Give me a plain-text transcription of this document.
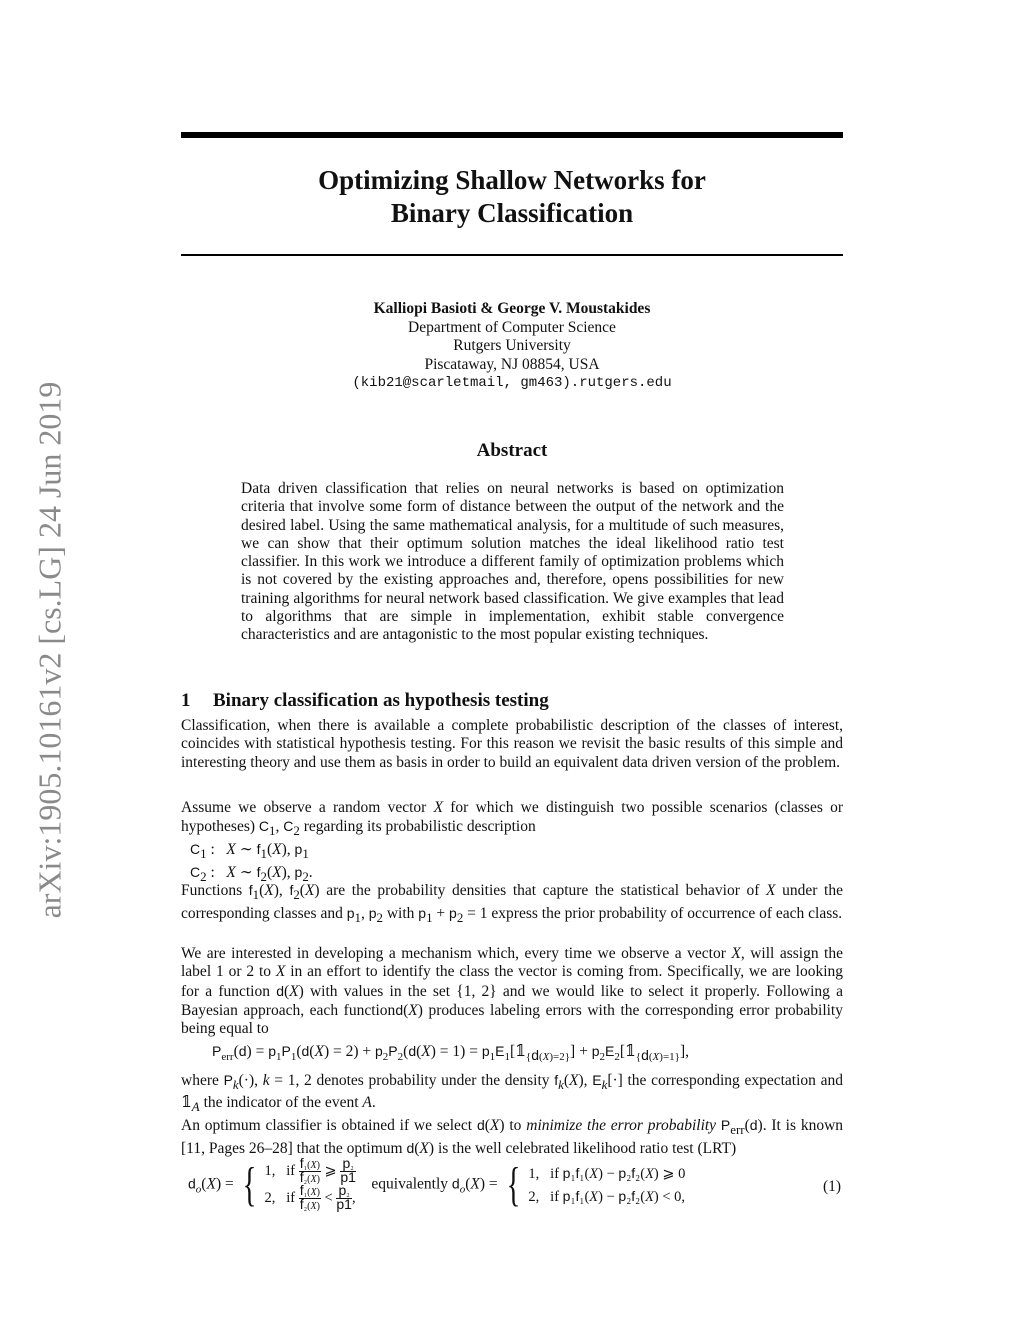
arXiv:1905.10161v2 [cs.LG] 24 Jun 2019
Optimizing Shallow Networks for
Binary Classification
Kalliopi Basioti & George V. Moustakides
Department of Computer Science
Rutgers University
Piscataway, NJ 08854, USA
(kib21@scarletmail, gm463).rutgers.edu
Abstract

Data driven classification that relies on neural networks is based on optimization criteria that involve some form of distance between the output of the network and the desired label. Using the same mathematical analysis, for a multitude of such measures, we can show that their optimum solution matches the ideal likelihood ratio test classifier. In this work we introduce a different family of optimization problems which is not covered by the existing approaches and, therefore, opens possibilities for new training algorithms for neural network based classification. We give examples that lead to algorithms that are simple in implementation, exhibit stable convergence characteristics and are antagonistic to the most popular existing techniques.

1 Binary classification as hypothesis testing

Classification, when there is available a complete probabilistic description of the classes of interest, coincides with statistical hypothesis testing. For this reason we revisit the basic results of this simple and interesting theory and use them as basis in order to build an equivalent data driven version of the problem.

Assume we observe a random vector X for which we distinguish two possible scenarios (classes or hypotheses) $C_1$, $C_2$ regarding its probabilistic description

$C_1$ :   X ∼ $f_1(X)$, $p_1$
$C_2$ :   X ∼ $f_2(X)$, $p_2$.

Functions $f_1(X)$, $f_2(X)$ are the probability densities that capture the statistical behavior of X under the corresponding classes and $p_1$, $p_2$ with $p_1 + p_2 = 1$ express the prior probability of occurrence of each class.

We are interested in developing a mechanism which, every time we observe a vector X, will assign the label 1 or 2 to X in an effort to identify the class the vector is coming from. Specifically, we are looking for a function d(X) with values in the set {1, 2} and we would like to select it properly. Following a Bayesian approach, each functiond(X) produces labeling errors with the corresponding error probability being equal to

$P_{err}(d) = p_1P_1(d(X) = 2) + p_2P_2(d(X) = 1)$ = $p_1E_1[𝟙_{\{d(X)=2\}}]$ + $p_2E_2[𝟙_{\{d(X)=1\}}]$,

where $P_k(\cdot)$, k = 1, 2 denotes probability under the density $f_k(X)$, $E_k[\cdot]$ the corresponding expectation and $𝟙_A$ the indicator of the event A.

An optimum classifier is obtained if we select d(X) to minimize the error probability $P_{err}(d)$. It is known [11, Pages 26–28] that the optimum d(X) is the well celebrated likelihood ratio test (LRT)

$d_o(X)$ = { 1,   if $\frac{\text{f₁(X)}}{\text{f₂(X)}}$ ⩾ $\frac{\text{p₂}}{p1}$
2,   if $\frac{\text{f₁(X)}}{\text{f₂(X)}} < \frac{\text{p₂}}{p1}$ ,
equivalently $d_o(X)$ = { 1,   if p₁f₁(X) − p₂f₂(X) ⩾ 0
2,   if p₁f₁(X) − p₂f₂(X) < 0,
(1)
